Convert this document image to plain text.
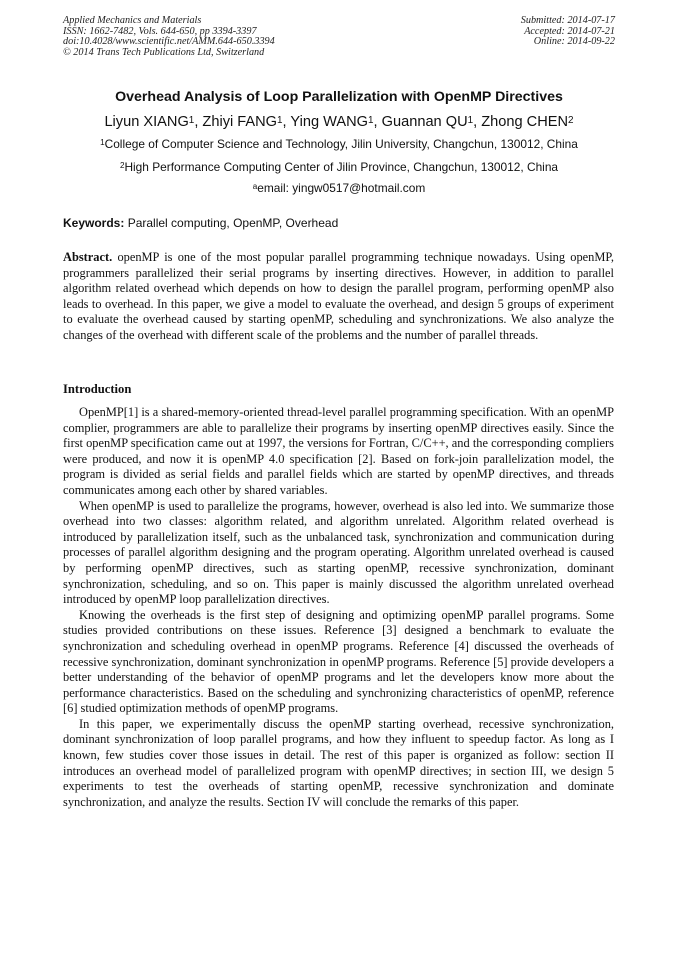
Applied Mechanics and Materials
ISSN: 1662-7482, Vols. 644-650, pp 3394-3397
doi:10.4028/www.scientific.net/AMM.644-650.3394
© 2014 Trans Tech Publications Ltd, Switzerland
Submitted: 2014-07-17
Accepted: 2014-07-21
Online: 2014-09-22
Overhead Analysis of Loop Parallelization with OpenMP Directives
Liyun XIANG$^1$, Zhiyi FANG$^1$, Ying WANG$^1$, Guannan $QU^1$, Zhong CHEN$^2$
$^1$College of Computer Science and Technology, Jilin University, Changchun, 130012, China
$^2$High Performance Computing Center of Jilin Province, Changchun, 130012, China
$^a$email: yingw0517@hotmail.com
Keywords: Parallel computing, OpenMP, Overhead

Abstract. openMP is one of the most popular parallel programming technique nowadays. Using openMP, programmers parallelized their serial programs by inserting directives. However, in addition to parallel algorithm related overhead which depends on how to design the parallel program, performing openMP also leads to overhead. In this paper, we give a model to evaluate the overhead, and design 5 groups of experiment to evaluate the overhead caused by starting openMP, scheduling and synchronizations. We also analyze the changes of the overhead with different scale of the problems and the number of parallel threads.

Introduction

OpenMP[1] is a shared-memory-oriented thread-level parallel programming specification. With an openMP complier, programmers are able to parallelize their programs by inserting openMP directives easily. Since the first openMP specification came out at 1997, the versions for Fortran, C/C++, and the corresponding compliers were produced, and now it is openMP 4.0 specification [2]. Based on fork-join parallelization model, the program is divided as serial fields and parallel fields which are started by openMP directives, and threads communicates among each other by shared variables.

When openMP is used to parallelize the programs, however, overhead is also led into. We summarize those overhead into two classes: algorithm related, and algorithm unrelated. Algorithm related overhead is introduced by parallelization itself, such as the unbalanced task, synchronization and communication during processes of parallel algorithm designing and the program operating. Algorithm unrelated overhead is caused by performing openMP directives, such as starting openMP, recessive synchronization, dominant synchronization, scheduling, and so on. This paper is mainly discussed the algorithm unrelated overhead introduced by openMP loop parallelization directives.

Knowing the overheads is the first step of designing and optimizing openMP parallel programs. Some studies provided contributions on these issues. Reference [3] designed a benchmark to evaluate the synchronization and scheduling overhead in openMP programs. Reference [4] discussed the overheads of recessive synchronization, dominant synchronization in openMP programs. Reference [5] provide developers a better understanding of the behavior of openMP programs and let the developers know more about the performance characteristics. Based on the scheduling and synchronizing characteristics of openMP, reference [6] studied optimization methods of openMP programs.

In this paper, we experimentally discuss the openMP starting overhead, recessive synchronization, dominant synchronization of loop parallel programs, and how they influent to speedup factor. As long as I known, few studies cover those issues in detail. The rest of this paper is organized as follow: section II introduces an overhead model of parallelized program with openMP directives; in section III, we design 5 experiments to test the overheads of starting openMP, recessive synchronization and dominate synchronization, and analyze the results. Section IV will conclude the remarks of this paper.
